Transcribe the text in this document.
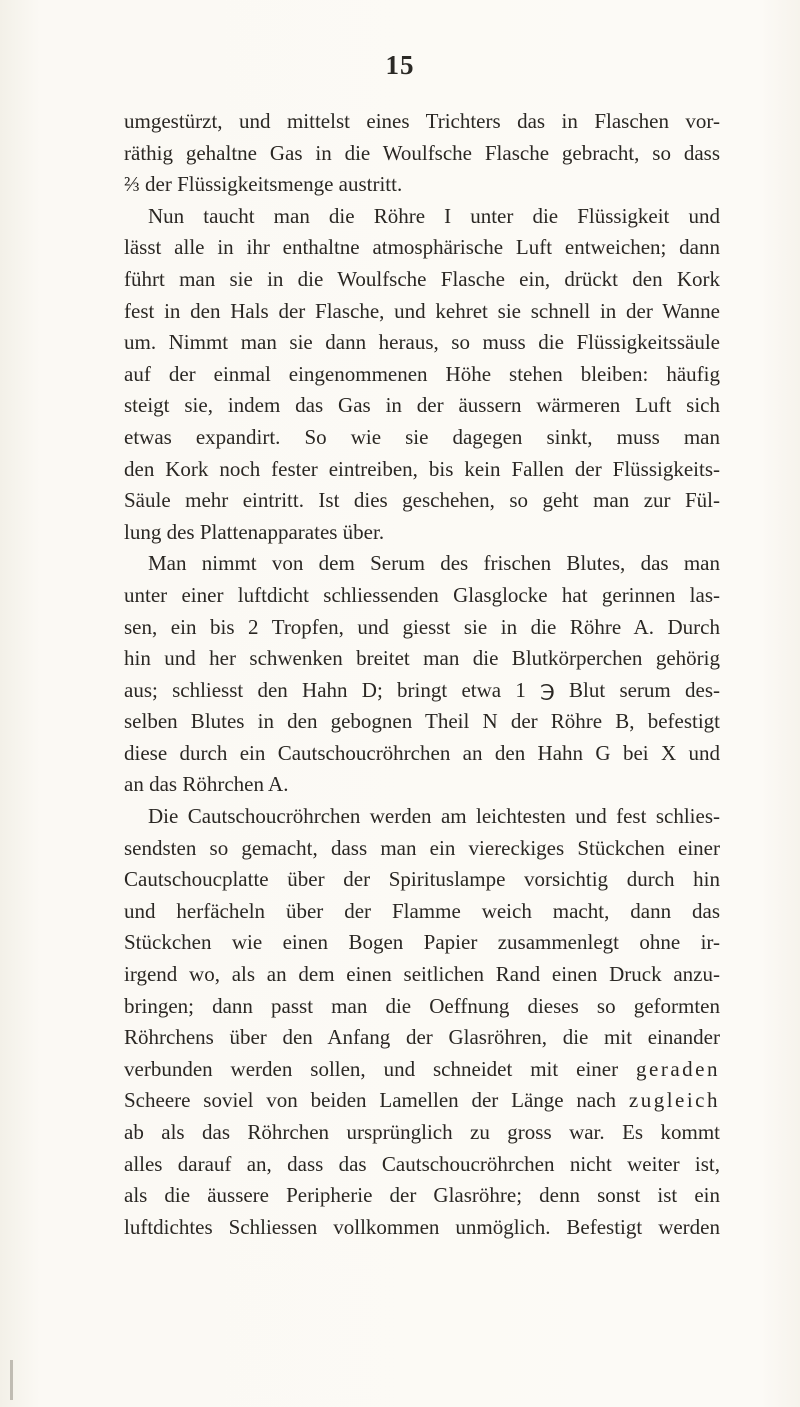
15
umgestürzt, und mittelst eines Trichters das in Flaschen vor-
räthig gehaltne Gas in die Woulfsche Flasche gebracht, so dass
⅔ der Flüssigkeitsmenge austritt.
Nun taucht man die Röhre I unter die Flüssigkeit und
lässt alle in ihr enthaltne atmosphärische Luft entweichen; dann
führt man sie in die Woulfsche Flasche ein, drückt den Kork
fest in den Hals der Flasche, und kehret sie schnell in der Wanne
um. Nimmt man sie dann heraus, so muss die Flüssigkeitssäule
auf der einmal eingenommenen Höhe stehen bleiben: häufig
steigt sie, indem das Gas in der äussern wärmeren Luft sich
etwas expandirt. So wie sie dagegen sinkt, muss man
den Kork noch fester eintreiben, bis kein Fallen der Flüssigkeits-
Säule mehr eintritt. Ist dies geschehen, so geht man zur Fül-
lung des Plattenapparates über.
Man nimmt von dem Serum des frischen Blutes, das man
unter einer luftdicht schliessenden Glasglocke hat gerinnen las-
sen, ein bis 2 Tropfen, und giesst sie in die Röhre A. Durch
hin und her schwenken breitet man die Blutkörperchen gehörig
aus; schliesst den Hahn D; bringt etwa 1 ℈ Blut serum des-
selben Blutes in den gebognen Theil N der Röhre B, befestigt
diese durch ein Cautschoucröhrchen an den Hahn G bei X und
an das Röhrchen A.
Die Cautschoucröhrchen werden am leichtesten und fest schlies-
sendsten so gemacht, dass man ein viereckiges Stückchen einer
Cautschoucplatte über der Spirituslampe vorsichtig durch hin
und herfächeln über der Flamme weich macht, dann das
Stückchen wie einen Bogen Papier zusammenlegt ohne ir-
irgend wo, als an dem einen seitlichen Rand einen Druck anzu-
bringen; dann passt man die Oeffnung dieses so geformten
Röhrchens über den Anfang der Glasröhren, die mit einander
verbunden werden sollen, und schneidet mit einer geraden
Scheere soviel von beiden Lamellen der Länge nach zugleich
ab als das Röhrchen ursprünglich zu gross war. Es kommt
alles darauf an, dass das Cautschoucröhrchen nicht weiter ist,
als die äussere Peripherie der Glasröhre; denn sonst ist ein
luftdichtes Schliessen vollkommen unmöglich. Befestigt werden
